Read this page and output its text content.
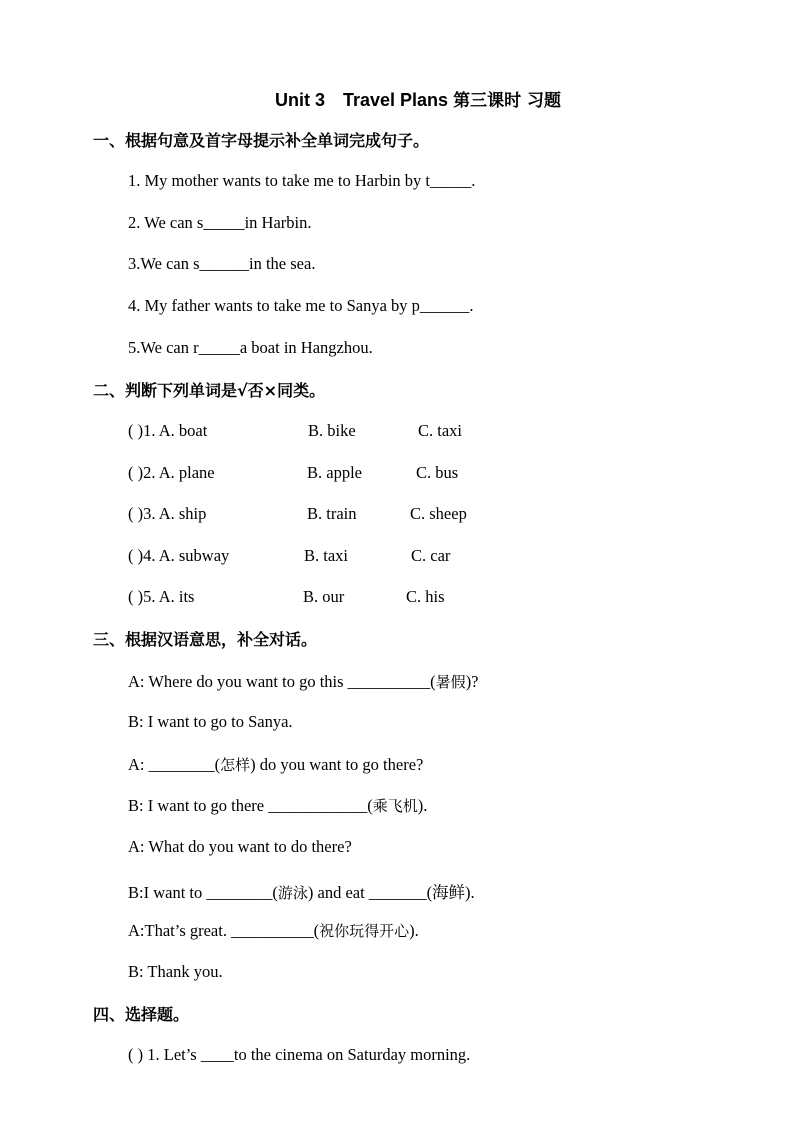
Unit 3 Travel Plans 第三课时 习题
一、根据句意及首字母提示补全单词完成句子。
1. My mother wants to take me to Harbin by t_____.
2. We can s_____in Harbin.
3.We can s______in the sea.
4. My father wants to take me to Sanya by p______.
5.We can r_____a boat in Hangzhou.
二、判断下列单词是√否×同类。
( )1. A. boat	B. bike	C. taxi
( )2. A. plane	B. apple	C. bus
( )3. A. ship	B. train	C. sheep
( )4. A. subway	B. taxi	C. car
( )5. A. its	B. our	C. his
三、根据汉语意思，补全对话。
A: Where do you want to go this __________(暑假)?
B: I want to go to Sanya.
A: ________(怎样) do you want to go there?
B: I want to go there ____________(乘飞机).
A: What do you want to do there?
B:I want to ________(游泳) and eat _______(海鲜).
A:That’s great. __________(祝你玩得开心).
B: Thank you.
四、选择题。
( ) 1. Let’s ____to the cinema on Saturday morning.
